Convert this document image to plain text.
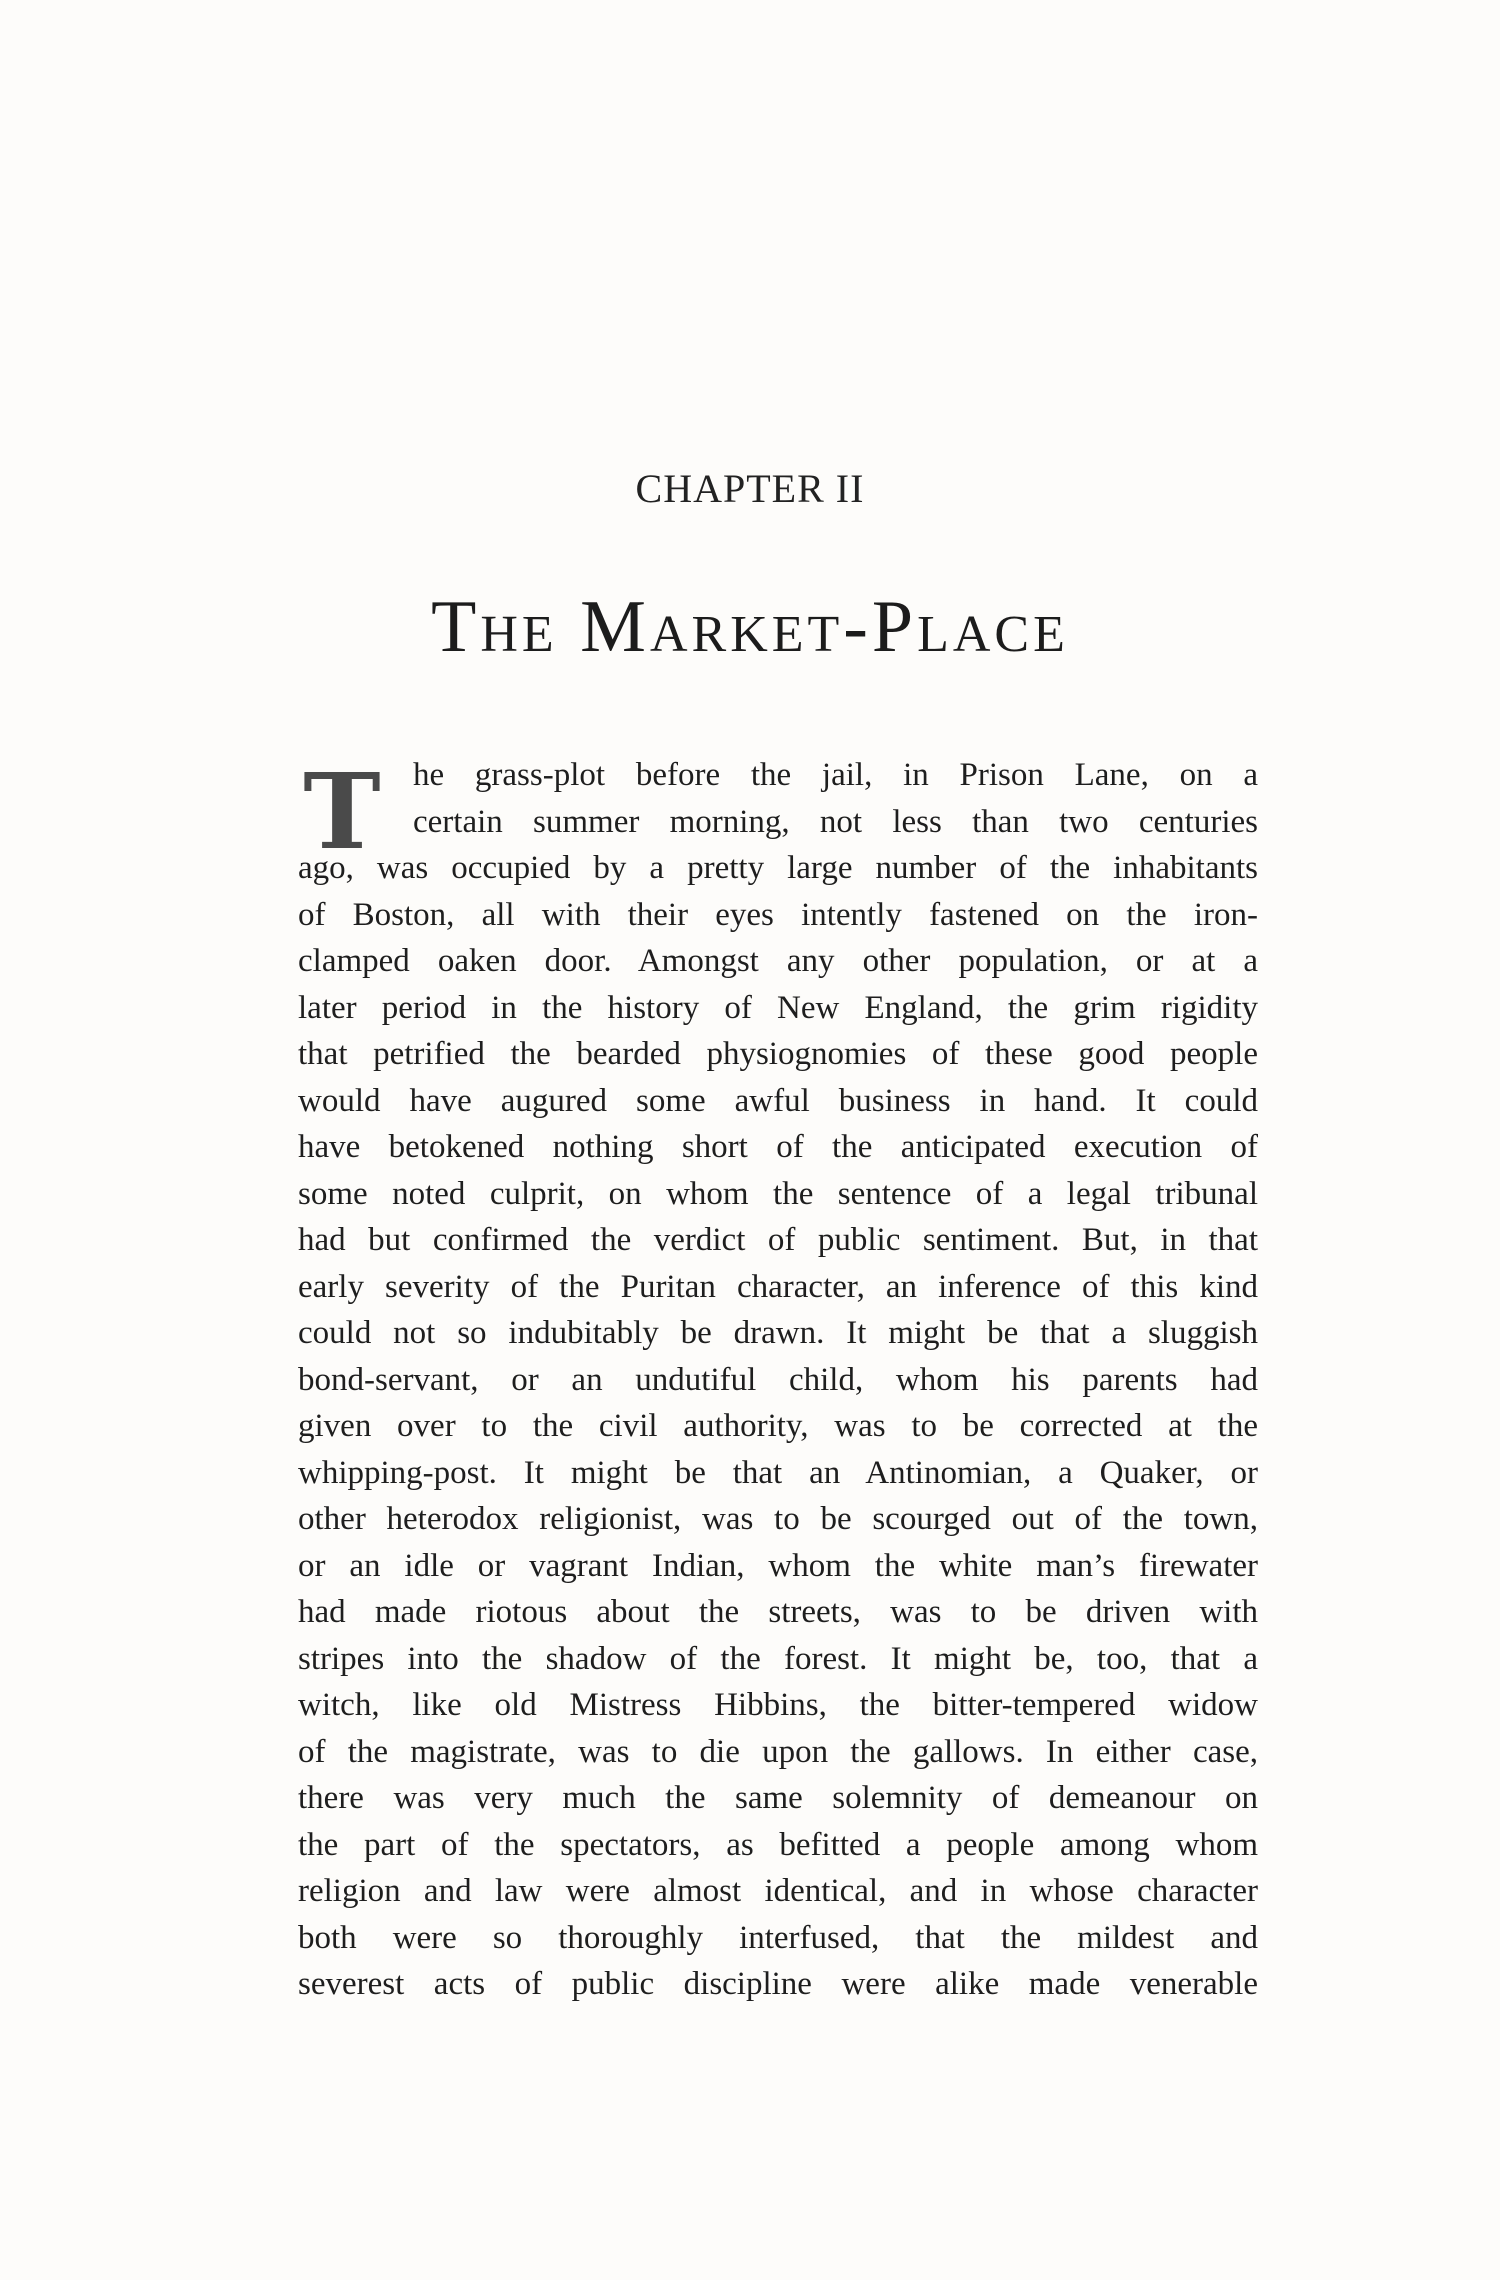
CHAPTER II
The Market-Place
T he grass-plot before the jail, in Prison Lane, on a
certain summer morning, not less than two centuries
ago, was occupied by a pretty large number of the inhabitants
of Boston, all with their eyes intently fastened on the iron-
clamped oaken door. Amongst any other population, or at a
later period in the history of New England, the grim rigidity
that petrified the bearded physiognomies of these good people
would have augured some awful business in hand. It could
have betokened nothing short of the anticipated execution of
some noted culprit, on whom the sentence of a legal tribunal
had but confirmed the verdict of public sentiment. But, in that
early severity of the Puritan character, an inference of this kind
could not so indubitably be drawn. It might be that a sluggish
bond-servant, or an undutiful child, whom his parents had
given over to the civil authority, was to be corrected at the
whipping-post. It might be that an Antinomian, a Quaker, or
other heterodox religionist, was to be scourged out of the town,
or an idle or vagrant Indian, whom the white man’s firewater
had made riotous about the streets, was to be driven with
stripes into the shadow of the forest. It might be, too, that a
witch, like old Mistress Hibbins, the bitter-tempered widow
of the magistrate, was to die upon the gallows. In either case,
there was very much the same solemnity of demeanour on
the part of the spectators, as befitted a people among whom
religion and law were almost identical, and in whose character
both were so thoroughly interfused, that the mildest and
severest acts of public discipline were alike made venerable
